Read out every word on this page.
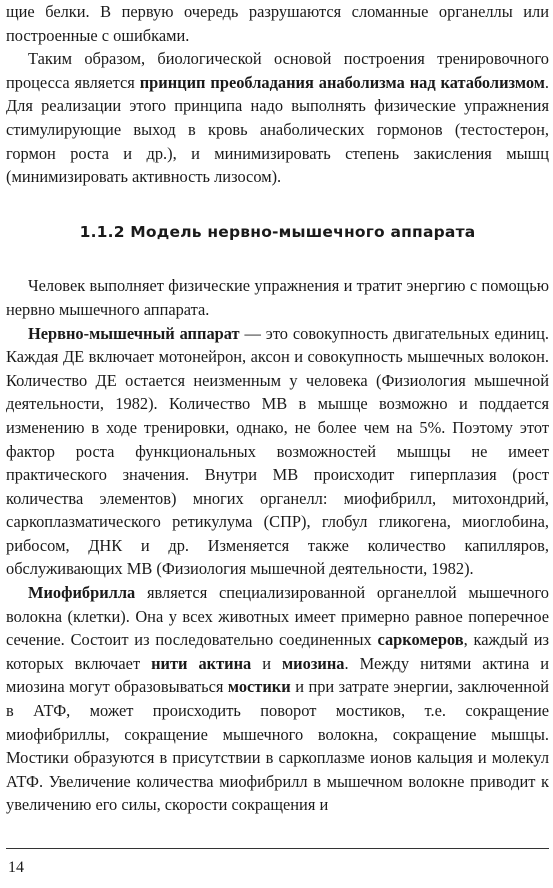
щие белки. В первую очередь разрушаются сломанные органеллы или построенные с ошибками.

Таким образом, биологической основой построения тренировочного процесса является принцип преобладания анаболизма над катаболизмом. Для реализации этого принципа надо выполнять физические упражнения стимулирующие выход в кровь анаболических гормонов (тестостерон, гормон роста и др.), и минимизировать степень закисления мышц (минимизировать активность лизосом).

1.1.2 Модель нервно-мышечного аппарата

Человек выполняет физические упражнения и тратит энергию с помощью нервно мышечного аппарата.

Нервно-мышечный аппарат — это совокупность двигательных единиц. Каждая ДЕ включает мотонейрон, аксон и совокупность мышечных волокон. Количество ДЕ остается неизменным у человека (Физиология мышечной деятельности, 1982). Количество МВ в мышце возможно и поддается изменению в ходе тренировки, однако, не более чем на 5%. Поэтому этот фактор роста функциональных возможностей мышцы не имеет практического значения. Внутри МВ происходит гиперплазия (рост количества элементов) многих органелл: миофибрилл, митохондрий, саркоплазматического ретикулума (СПР), глобул гликогена, миоглобина, рибосом, ДНК и др. Изменяется также количество капилляров, обслуживающих МВ (Физиология мышечной деятельности, 1982).

Миофибрилла является специализированной органеллой мышечного волокна (клетки). Она у всех животных имеет примерно равное поперечное сечение. Состоит из последовательно соединенных саркомеров, каждый из которых включает нити актина и миозина. Между нитями актина и миозина могут образовываться мостики и при затрате энергии, заключенной в АТФ, может происходить поворот мостиков, т.е. сокращение миофибриллы, сокращение мышечного волокна, сокращение мышцы. Мостики образуются в присутствии в саркоплазме ионов кальция и молекул АТФ. Увеличение количества миофибрилл в мышечном волокне приводит к увеличению его силы, скорости сокращения и

14
